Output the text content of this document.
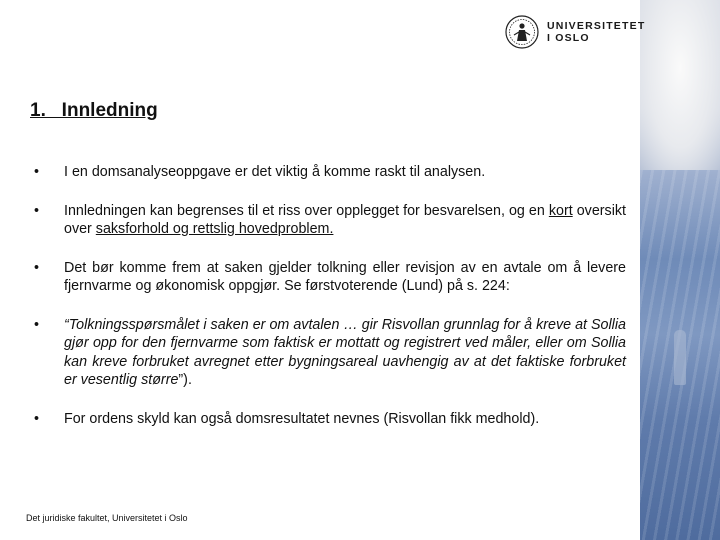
UNIVERSITETET
I OSLO
1.   Innledning
• I en domsanalyseoppgave er det viktig å komme raskt til analysen.
• Innledningen kan begrenses til et riss over opplegget for besvarelsen, og en kort oversikt over saksforhold og rettslig hovedproblem.
• Det bør komme frem at saken gjelder tolkning eller revisjon av en avtale om å levere fjernvarme og økonomisk oppgjør. Se førstvoterende (Lund) på s. 224:
• “Tolkningsspørsmålet i saken er om avtalen … gir Risvollan grunnlag for å kreve at Sollia gjør opp for den fjernvarme som faktisk er mottatt og registrert ved måler, eller om Sollia kan kreve forbruket avregnet etter bygningsareal uavhengig av at det faktiske forbruket er vesentlig større”).
• For ordens skyld kan også domsresultatet nevnes (Risvollan fikk medhold).
Det juridiske fakultet, Universitetet i Oslo
